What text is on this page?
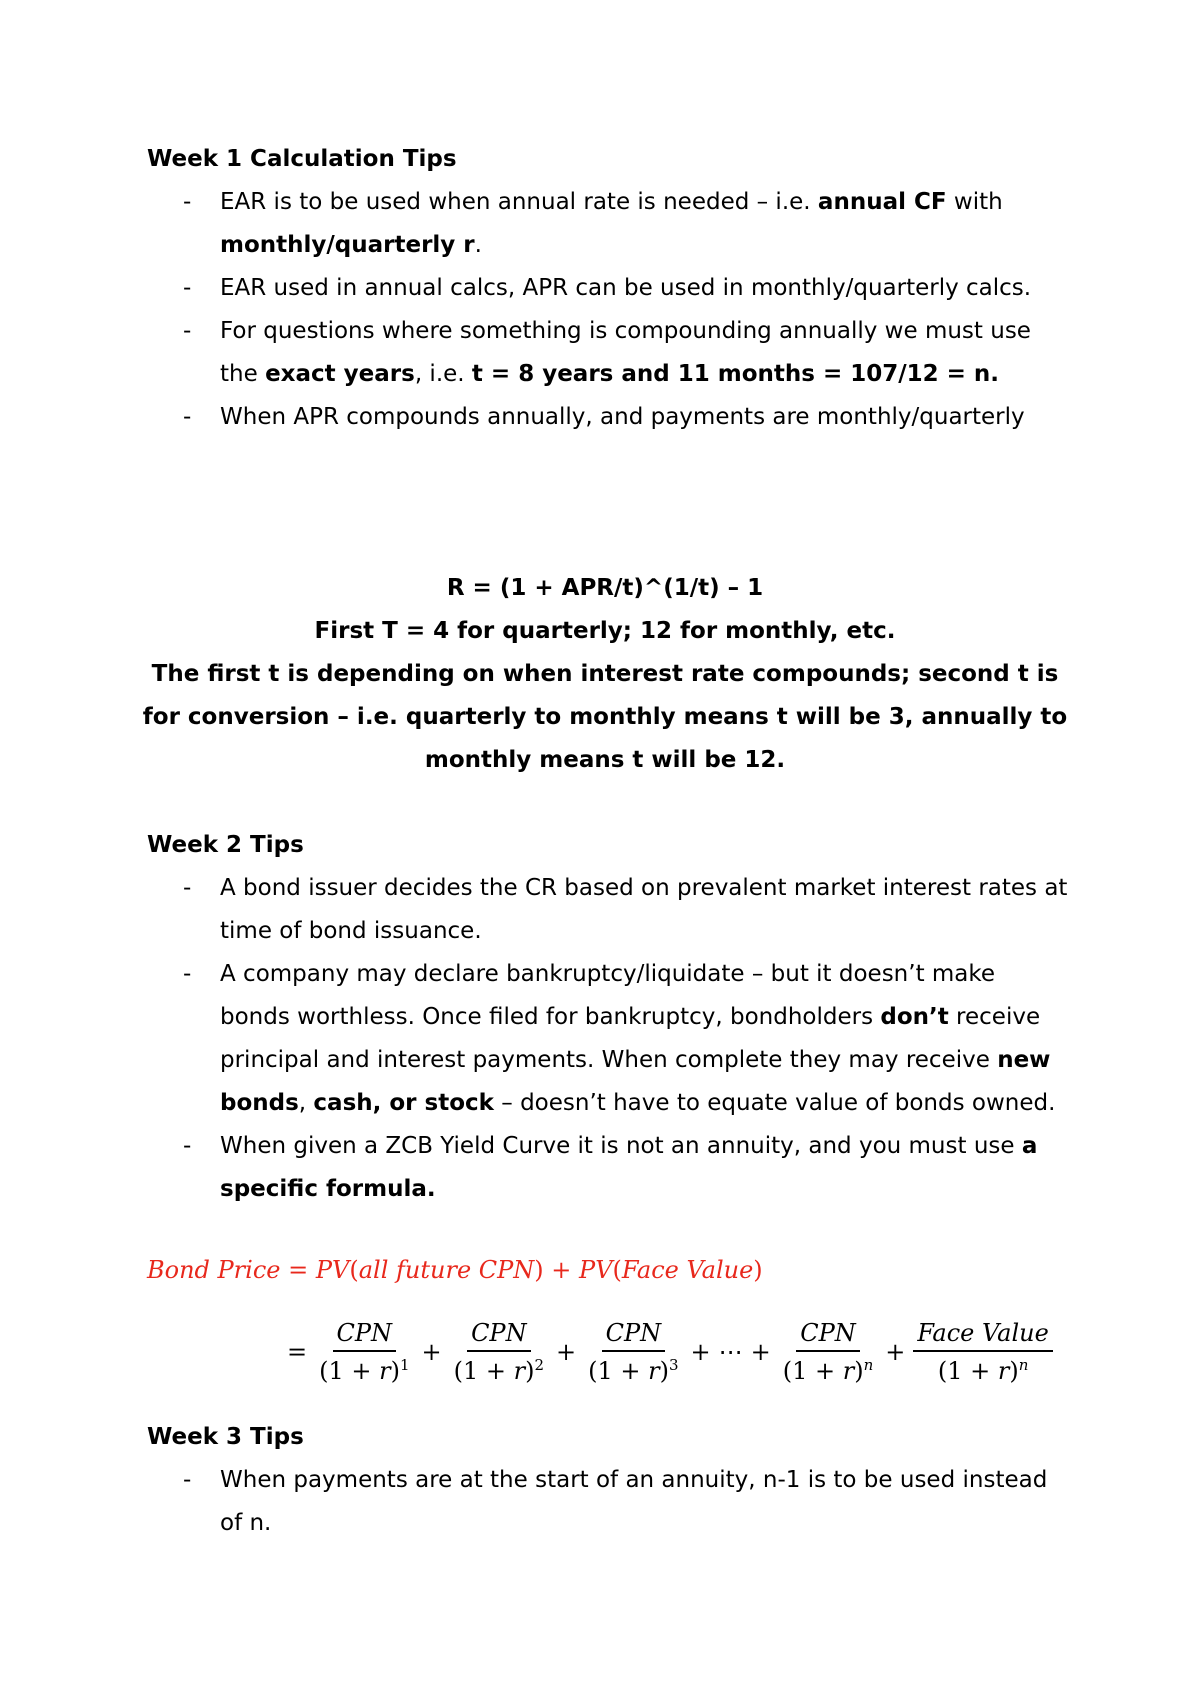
Week 1 Calculation Tips
- EAR is to be used when annual rate is needed – i.e. annual CF with monthly/quarterly r.
- EAR used in annual calcs, APR can be used in monthly/quarterly calcs.
- For questions where something is compounding annually we must use the exact years, i.e. t = 8 years and 11 months = 107/12 = n.
- When APR compounds annually, and payments are monthly/quarterly
R = (1 + APR/t)^(1/t) – 1
First T = 4 for quarterly; 12 for monthly, etc.
The first t is depending on when interest rate compounds; second t is for conversion – i.e. quarterly to monthly means t will be 3, annually to monthly means t will be 12.
Week 2 Tips
- A bond issuer decides the CR based on prevalent market interest rates at time of bond issuance.
- A company may declare bankruptcy/liquidate – but it doesn’t make bonds worthless. Once filed for bankruptcy, bondholders don’t receive principal and interest payments. When complete they may receive new bonds, cash, or stock – doesn’t have to equate value of bonds owned.
- When given a ZCB Yield Curve it is not an annuity, and you must use a specific formula.
Bond Price = PV(all future CPN) + PV(Face Value)
= $\frac{\text{CPN}}{(1 + r)^1} + \frac{\text{CPN}}{(1 + r)^2} + \frac{\text{CPN}}{(1 + r)^3}$ + ⋯ + $\frac{\text{CPN}}{(1 + r)^n} + \frac{\text{Face Value}}{(1 + r)^n}$
Week 3 Tips
- When payments are at the start of an annuity, n-1 is to be used instead of n.
